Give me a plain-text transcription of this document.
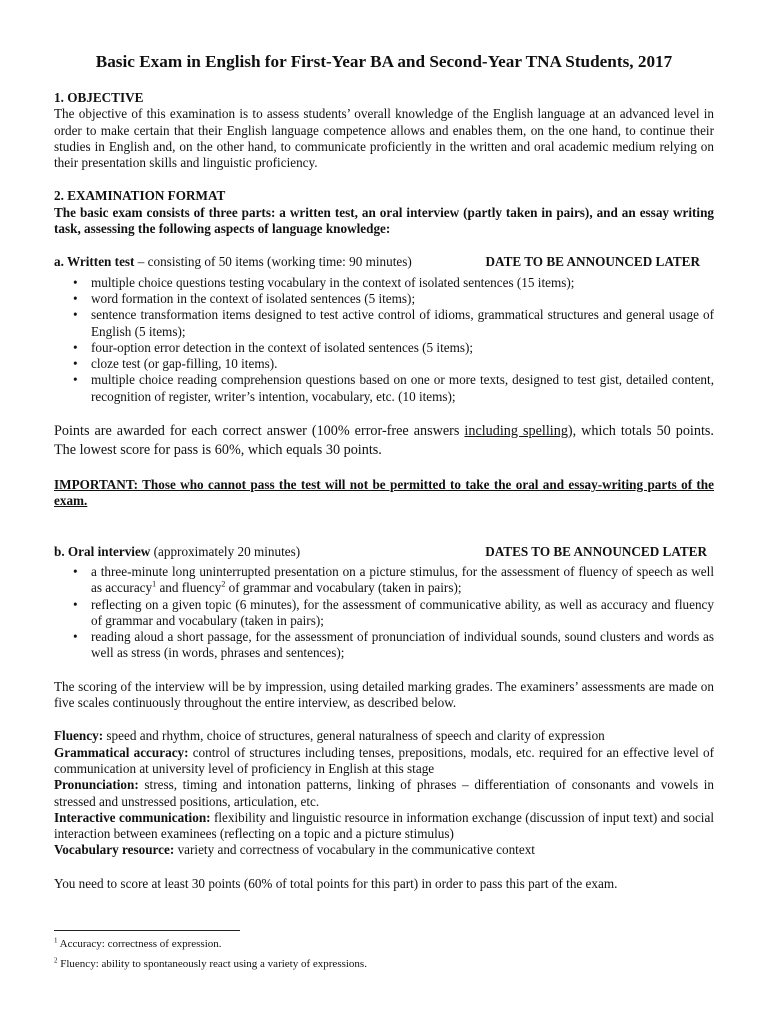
Basic Exam in English for First-Year BA and Second-Year TNA Students, 2017
1. OBJECTIVE

The objective of this examination is to assess students’ overall knowledge of the English language at an advanced level in order to make certain that their English language competence allows and enables them, on the one hand, to continue their studies in English and, on the other hand, to communicate proficiently in the written and oral academic medium relying on their presentation skills and linguistic proficiency.

2. EXAMINATION FORMAT

The basic exam consists of three parts: a written test, an oral interview (partly taken in pairs), and an essay writing task, assessing the following aspects of language knowledge:

a. Written test – consisting of 50 items (working time: 90 minutes)	DATE TO BE ANNOUNCED LATER
• multiple choice questions testing vocabulary in the context of isolated sentences (15 items);
• word formation in the context of isolated sentences (5 items);
• sentence transformation items designed to test active control of idioms, grammatical structures and general usage of English (5 items);
• four-option error detection in the context of isolated sentences (5 items);
• cloze test (or gap-filling, 10 items).
• multiple choice reading comprehension questions based on one or more texts, designed to test gist, detailed content, recognition of register, writer’s intention, vocabulary, etc. (10 items);

Points are awarded for each correct answer (100% error-free answers including spelling), which totals 50 points. The lowest score for pass is 60%, which equals 30 points.

IMPORTANT: Those who cannot pass the test will not be permitted to take the oral and essay-writing parts of the exam.

b. Oral interview (approximately 20 minutes)	DATES TO BE ANNOUNCED LATER
• a three-minute long uninterrupted presentation on a picture stimulus, for the assessment of fluency of speech as well as accuracy$^1$ and fluency$^2$ of grammar and vocabulary (taken in pairs);
• reflecting on a given topic (6 minutes), for the assessment of communicative ability, as well as accuracy and fluency of grammar and vocabulary (taken in pairs);
• reading aloud a short passage, for the assessment of pronunciation of individual sounds, sound clusters and words as well as stress (in words, phrases and sentences);

The scoring of the interview will be by impression, using detailed marking grades. The examiners’ assessments are made on five scales continuously throughout the entire interview, as described below.

Fluency: speed and rhythm, choice of structures, general naturalness of speech and clarity of expression

Grammatical accuracy: control of structures including tenses, prepositions, modals, etc. required for an effective level of communication at university level of proficiency in English at this stage

Pronunciation: stress, timing and intonation patterns, linking of phrases – differentiation of consonants and vowels in stressed and unstressed positions, articulation, etc.

Interactive communication: flexibility and linguistic resource in information exchange (discussion of input text) and social interaction between examinees (reflecting on a topic and a picture stimulus)

Vocabulary resource: variety and correctness of vocabulary in the communicative context

You need to score at least 30 points (60% of total points for this part) in order to pass this part of the exam.

$^1$ Accuracy: correctness of expression.
$^2$ Fluency: ability to spontaneously react using a variety of expressions.
